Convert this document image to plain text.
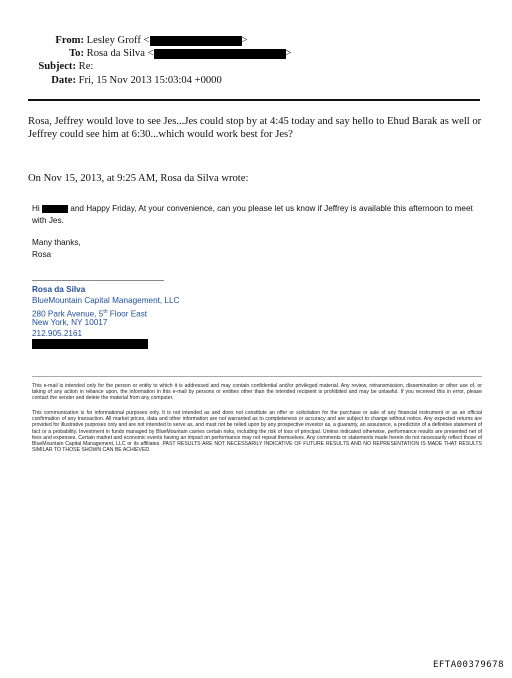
From: Lesley Groff <	>
To: Rosa da Silva <	>
Subject: Re:
Date: Fri, 15 Nov 2013 15:03:04 +0000
Rosa, Jeffrey would love to see Jes...Jes could stop by at 4:45 today and say hello to Ehud Barak as well or Jeffrey could see him at 6:30...which would work best for Jes?
On Nov 15, 2013, at 9:25 AM, Rosa da Silva wrote:
Hi	and Happy Friday, At your convenience, can you please let us know if Jeffrey is available this afternoon to meet with Jes.
Many thanks,
Rosa
Rosa da Silva
BlueMountain Capital Management, LLC
280 Park Avenue, 5th Floor East
New York, NY 10017
212.905.2161
This e-mail is intended only for the person or entity to which it is addressed and may contain confidential and/or privileged material. Any review, retransmission, dissemination or other use of, or taking of any action in reliance upon, the information in this e-mail by persons or entities other than the intended recipient is prohibited and may be unlawful. If you received this in error, please contact the sender and delete the material from any computer.
This communication is for informational purposes only. It is not intended as and does not constitute an offer or solicitation for the purchase or sale of any financial instrument or as an official confirmation of any transaction. All market prices, data and other information are not warranted as to completeness or accuracy and are subject to change without notice. Any expected returns are provided for illustrative purposes only and are not intended to serve as, and must not be relied upon by any prospective investor as, a guaranty, an assurance, a prediction of a definitive statement of fact or a probability. Investment in funds managed by BlueMountain carries certain risks, including the risk of loss of principal. Unless indicated otherwise, performance results are presented net of fees and expenses. Certain market and economic events having an impact on performance may not repeat themselves. Any comments or statements made herein do not necessarily reflect those of BlueMountain Capital Management, LLC or its affiliates. PAST RESULTS ARE NOT NECESSARILY INDICATIVE OF FUTURE RESULTS AND NO REPRESENTATION IS MADE THAT RESULTS SIMILAR TO THOSE SHOWN CAN BE ACHIEVED.
EFTA00379678
